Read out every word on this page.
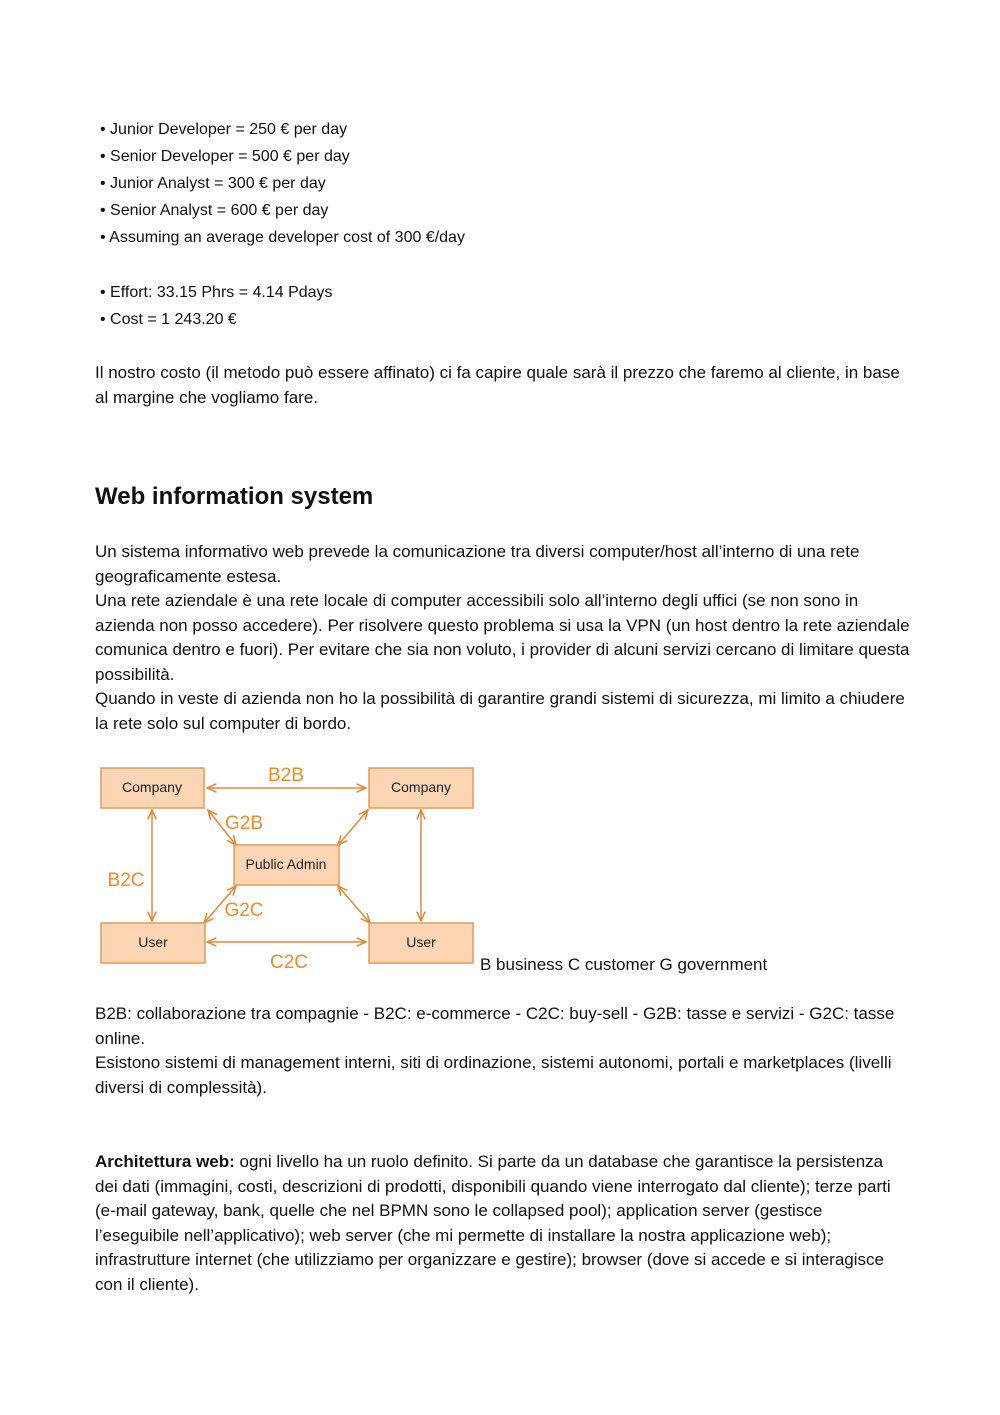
• Junior Developer = 250 € per day
• Senior Developer = 500 € per day
• Junior Analyst = 300 € per day
• Senior Analyst = 600 € per day
• Assuming an average developer cost of 300 €/day
• Effort: 33.15 Phrs = 4.14 Pdays
• Cost = 1 243.20 €

Il nostro costo (il metodo può essere affinato) ci fa capire quale sarà il prezzo che faremo al cliente, in base al margine che vogliamo fare.

Web information system

Un sistema informativo web prevede la comunicazione tra diversi computer/host all’interno di una rete geograficamente estesa.

Una rete aziendale è una rete locale di computer accessibili solo all’interno degli uffici (se non sono in azienda non posso accedere). Per risolvere questo problema si usa la VPN (un host dentro la rete aziendale comunica dentro e fuori). Per evitare che sia non voluto, i provider di alcuni servizi cercano di limitare questa possibilità.

Quando in veste di azienda non ho la possibilità di garantire grandi sistemi di sicurezza, mi limito a chiudere la rete solo sul computer di bordo.

Company	Company
Public Admin
User	User
B2B
G2B
B2C
G2C
C2C	B business C customer G government

B2B: collaborazione tra compagnie - B2C: e-commerce - C2C: buy-sell - G2B: tasse e servizi - G2C: tasse online.

Esistono sistemi di management interni, siti di ordinazione, sistemi autonomi, portali e marketplaces (livelli diversi di complessità).

Architettura web: ogni livello ha un ruolo definito. Si parte da un database che garantisce la persistenza dei dati (immagini, costi, descrizioni di prodotti, disponibili quando viene interrogato dal cliente); terze parti (e-mail gateway, bank, quelle che nel BPMN sono le collapsed pool); application server (gestisce l’eseguibile nell’applicativo); web server (che mi permette di installare la nostra applicazione web); infrastrutture internet (che utilizziamo per organizzare e gestire); browser (dove si accede e si interagisce con il cliente).
